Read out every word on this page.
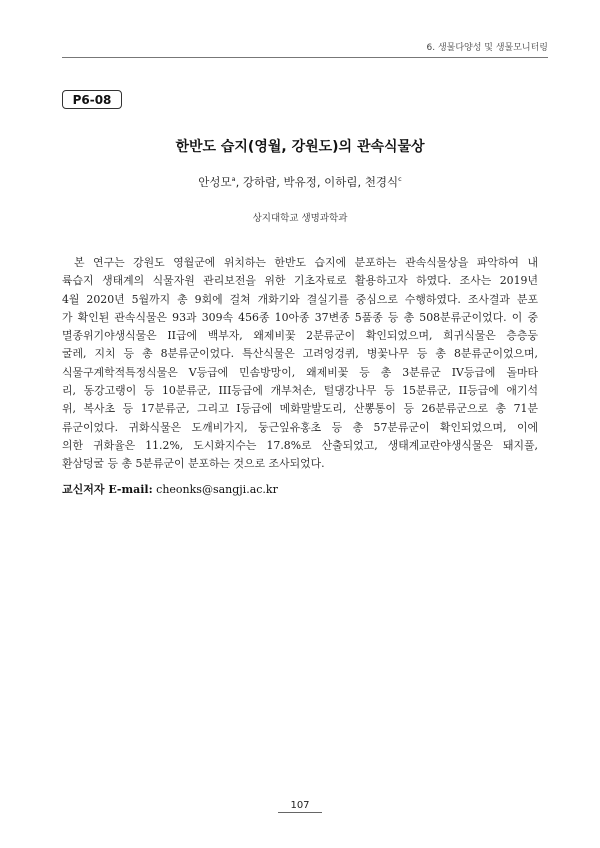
6. 생물다양성 및 생물모니터링
P6-08
한반도 습지(영월, 강원도)의 관속식물상
안성모$^a$, 강하람, 박유정, 이하림, 천경식$^c$
상지대학교 생명과학과
본 연구는 강원도 영월군에 위치하는 한반도 습지에 분포하는 관속식물상을 파악하여 내
륙습지 생태계의 식물자원 관리보전을 위한 기초자료로 활용하고자 하였다. 조사는 2019년
4월 2020년 5월까지 총 9회에 걸쳐 개화기와 결실기를 중심으로 수행하였다. 조사결과 분포
가 확인된 관속식물은 93과 309속 456종 10아종 37변종 5품종 등 총 508분류군이었다. 이 중
멸종위기야생식물은 II급에 백부자, 왜제비꽃 2분류군이 확인되었으며, 희귀식물은 층층둥
굴레, 지치 등 총 8분류군이었다. 특산식물은 고려엉겅퀴, 병꽃나무 등 총 8분류군이었으며,
식물구계학적특정식물은 V등급에 민솜방망이, 왜제비꽃 등 총 3분류군 IV등급에 돌마타
리, 동강고랭이 등 10분류군, III등급에 개부처손, 털댕강나무 등 15분류군, II등급에 애기석
위, 복사초 등 17분류군, 그리고 I등급에 메화말발도리, 산뽕통이 등 26분류군으로 총 71분
류군이었다. 귀화식물은 도깨비가지, 둥근잎유홍초 등 총 57분류군이 확인되었으며, 이에
의한 귀화율은 11.2%, 도시화지수는 17.8%로 산출되었고, 생태계교란야생식물은 돼지풀,
환삼덩굴 등 총 5분류군이 분포하는 것으로 조사되었다.
교신저자 E-mail: cheonks@sangji.ac.kr
107
